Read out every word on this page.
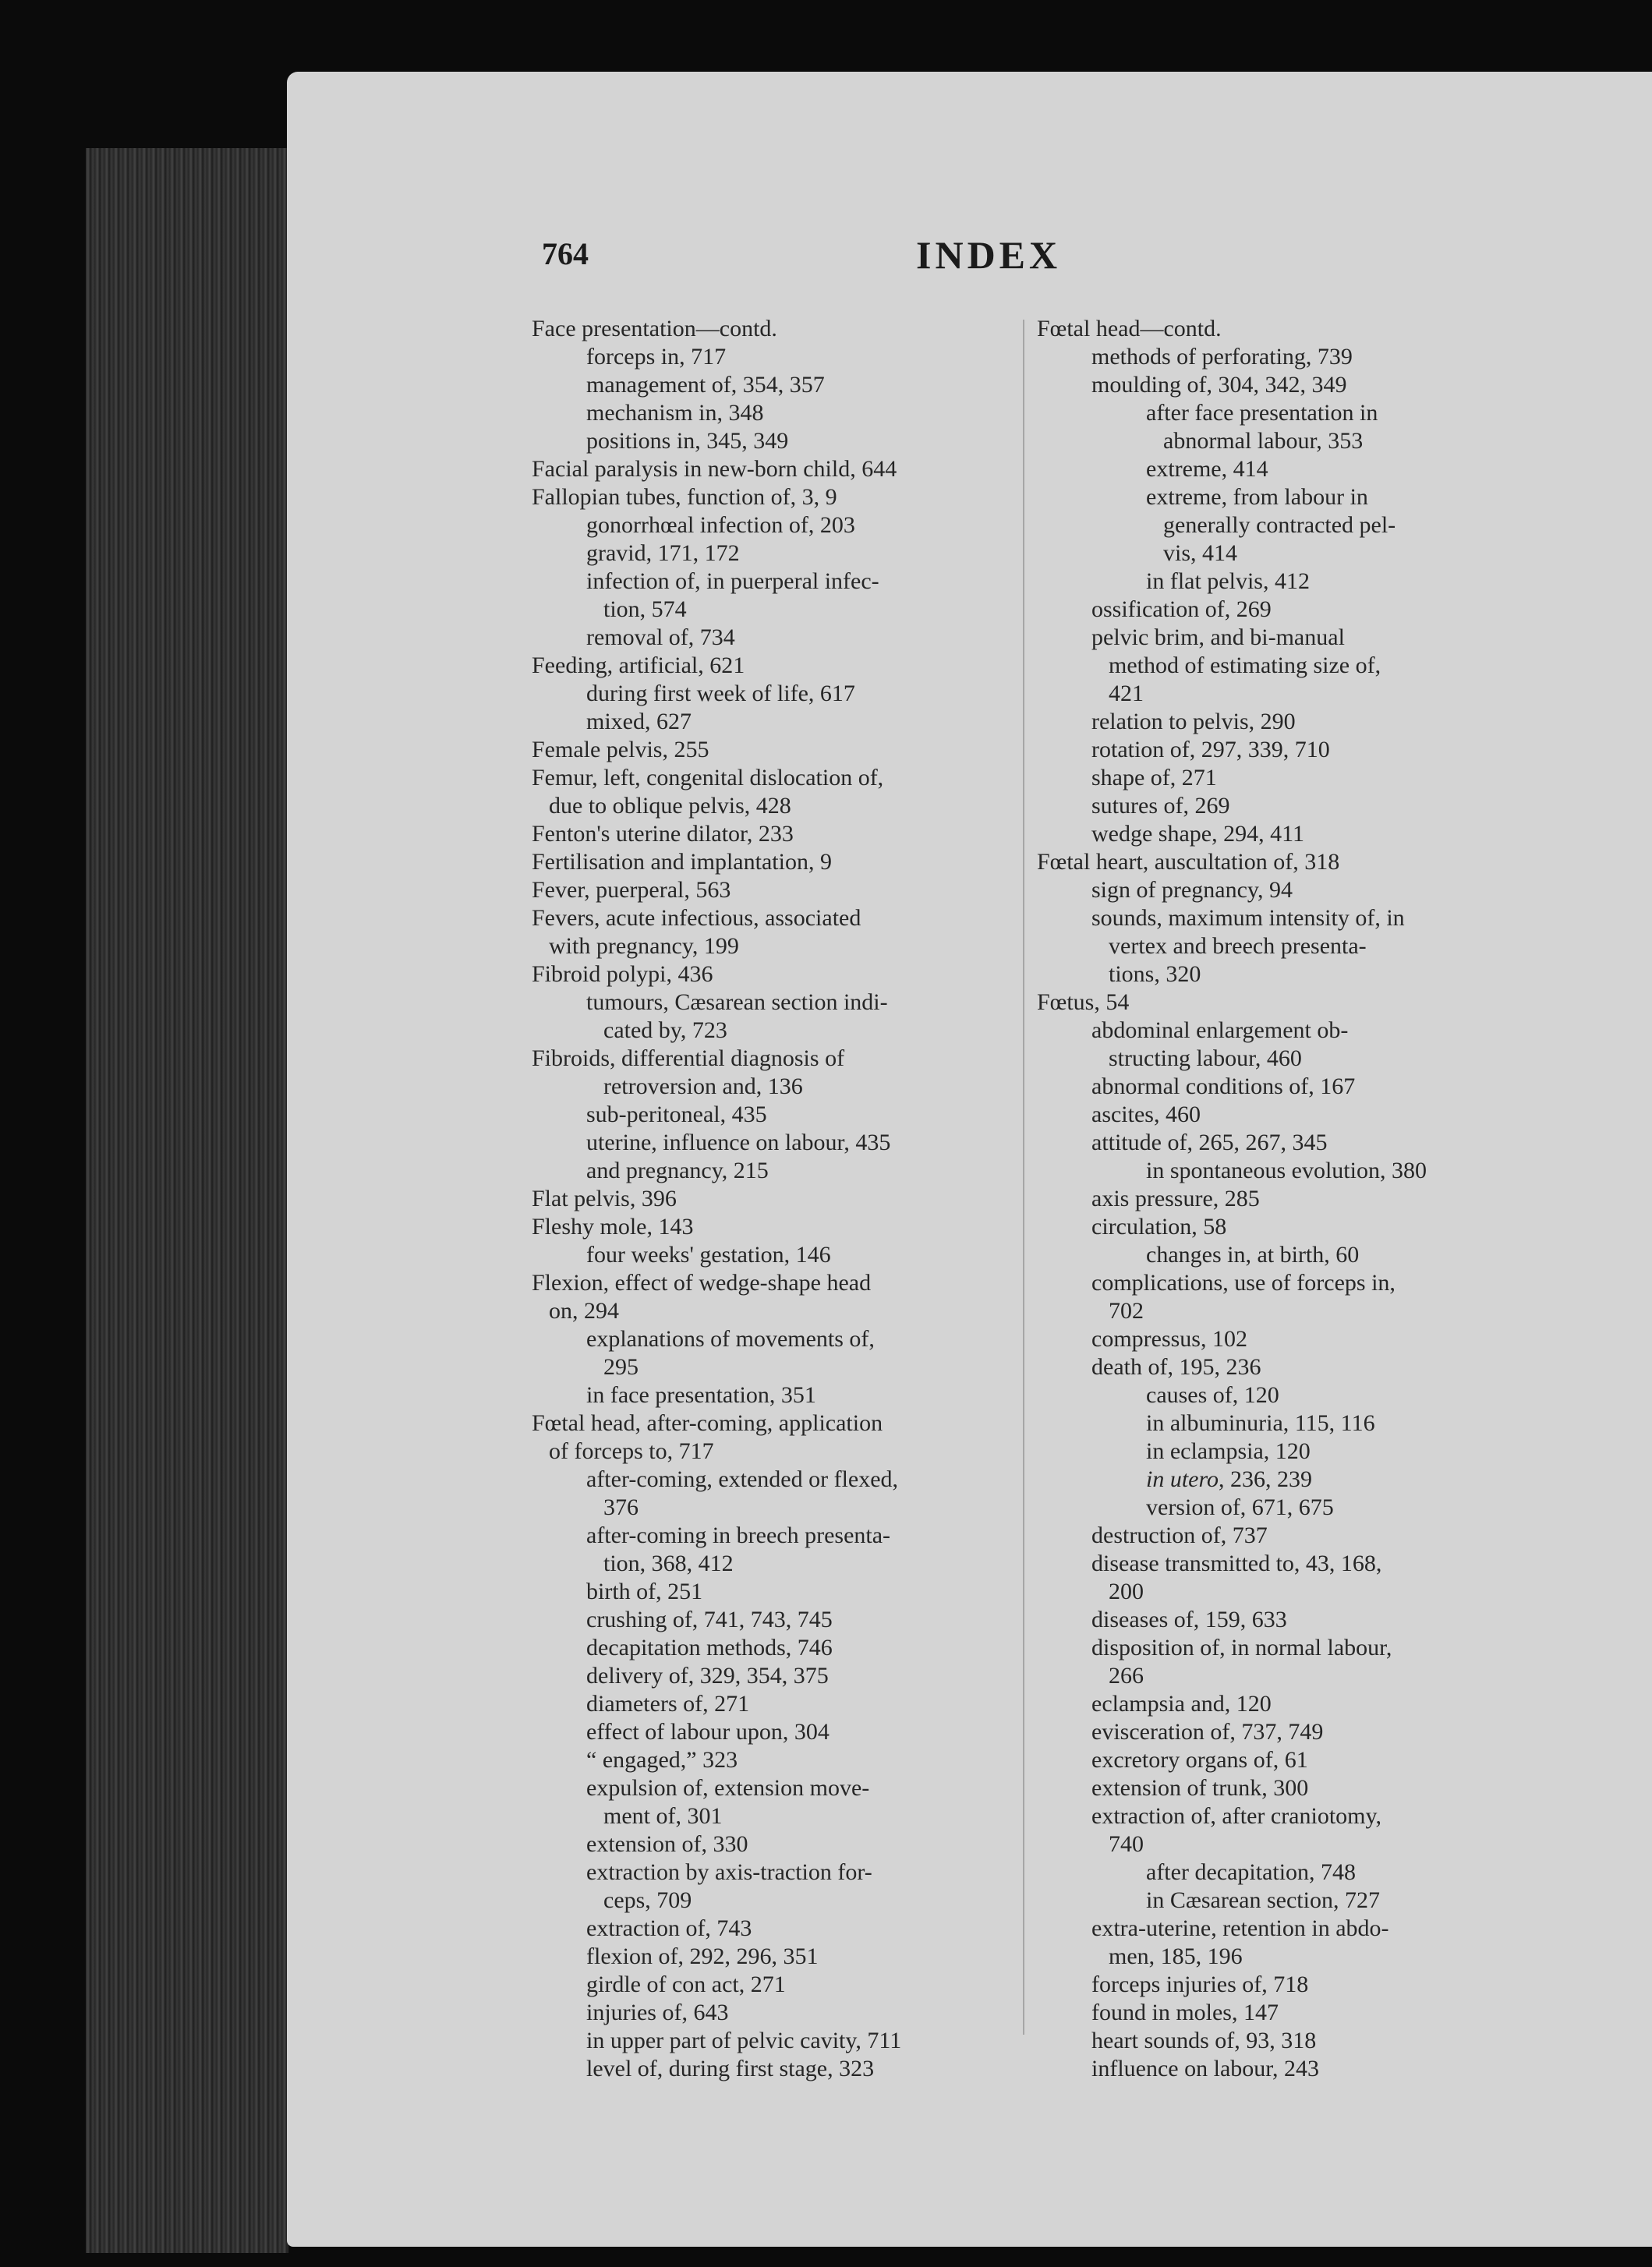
764	INDEX
Face presentation—contd.
forceps in, 717
management of, 354, 357
mechanism in, 348
positions in, 345, 349
Facial paralysis in new-born child, 644
Fallopian tubes, function of, 3, 9
gonorrhœal infection of, 203
gravid, 171, 172
infection of, in puerperal infec-
tion, 574
removal of, 734
Feeding, artificial, 621
during first week of life, 617
mixed, 627
Female pelvis, 255
Femur, left, congenital dislocation of,
due to oblique pelvis, 428
Fenton's uterine dilator, 233
Fertilisation and implantation, 9
Fever, puerperal, 563
Fevers, acute infectious, associated
with pregnancy, 199
Fibroid polypi, 436
tumours, Cæsarean section indi-
cated by, 723
Fibroids, differential diagnosis of
retroversion and, 136
sub-peritoneal, 435
uterine, influence on labour, 435
and pregnancy, 215
Flat pelvis, 396
Fleshy mole, 143
four weeks' gestation, 146
Flexion, effect of wedge-shape head
on, 294
explanations of movements of,
295
in face presentation, 351
Fœtal head, after-coming, application
of forceps to, 717
after-coming, extended or flexed,
376
after-coming in breech presenta-
tion, 368, 412
birth of, 251
crushing of, 741, 743, 745
decapitation methods, 746
delivery of, 329, 354, 375
diameters of, 271
effect of labour upon, 304
“ engaged,” 323
expulsion of, extension move-
ment of, 301
extension of, 330
extraction by axis-traction for-
ceps, 709
extraction of, 743
flexion of, 292, 296, 351
girdle of con act, 271
injuries of, 643
in upper part of pelvic cavity, 711
level of, during first stage, 323
Fœtal head—contd.
methods of perforating, 739
moulding of, 304, 342, 349
after face presentation in
abnormal labour, 353
extreme, 414
extreme, from labour in
generally contracted pel-
vis, 414
in flat pelvis, 412
ossification of, 269
pelvic brim, and bi-manual
method of estimating size of,
421
relation to pelvis, 290
rotation of, 297, 339, 710
shape of, 271
sutures of, 269
wedge shape, 294, 411
Fœtal heart, auscultation of, 318
sign of pregnancy, 94
sounds, maximum intensity of, in
vertex and breech presenta-
tions, 320
Fœtus, 54
abdominal enlargement ob-
structing labour, 460
abnormal conditions of, 167
ascites, 460
attitude of, 265, 267, 345
in spontaneous evolution, 380
axis pressure, 285
circulation, 58
changes in, at birth, 60
complications, use of forceps in,
702
compressus, 102
death of, 195, 236
causes of, 120
in albuminuria, 115, 116
in eclampsia, 120
in utero, 236, 239
version of, 671, 675
destruction of, 737
disease transmitted to, 43, 168,
200
diseases of, 159, 633
disposition of, in normal labour,
266
eclampsia and, 120
evisceration of, 737, 749
excretory organs of, 61
extension of trunk, 300
extraction of, after craniotomy,
740
after decapitation, 748
in Cæsarean section, 727
extra-uterine, retention in abdo-
men, 185, 196
forceps injuries of, 718
found in moles, 147
heart sounds of, 93, 318
influence on labour, 243
